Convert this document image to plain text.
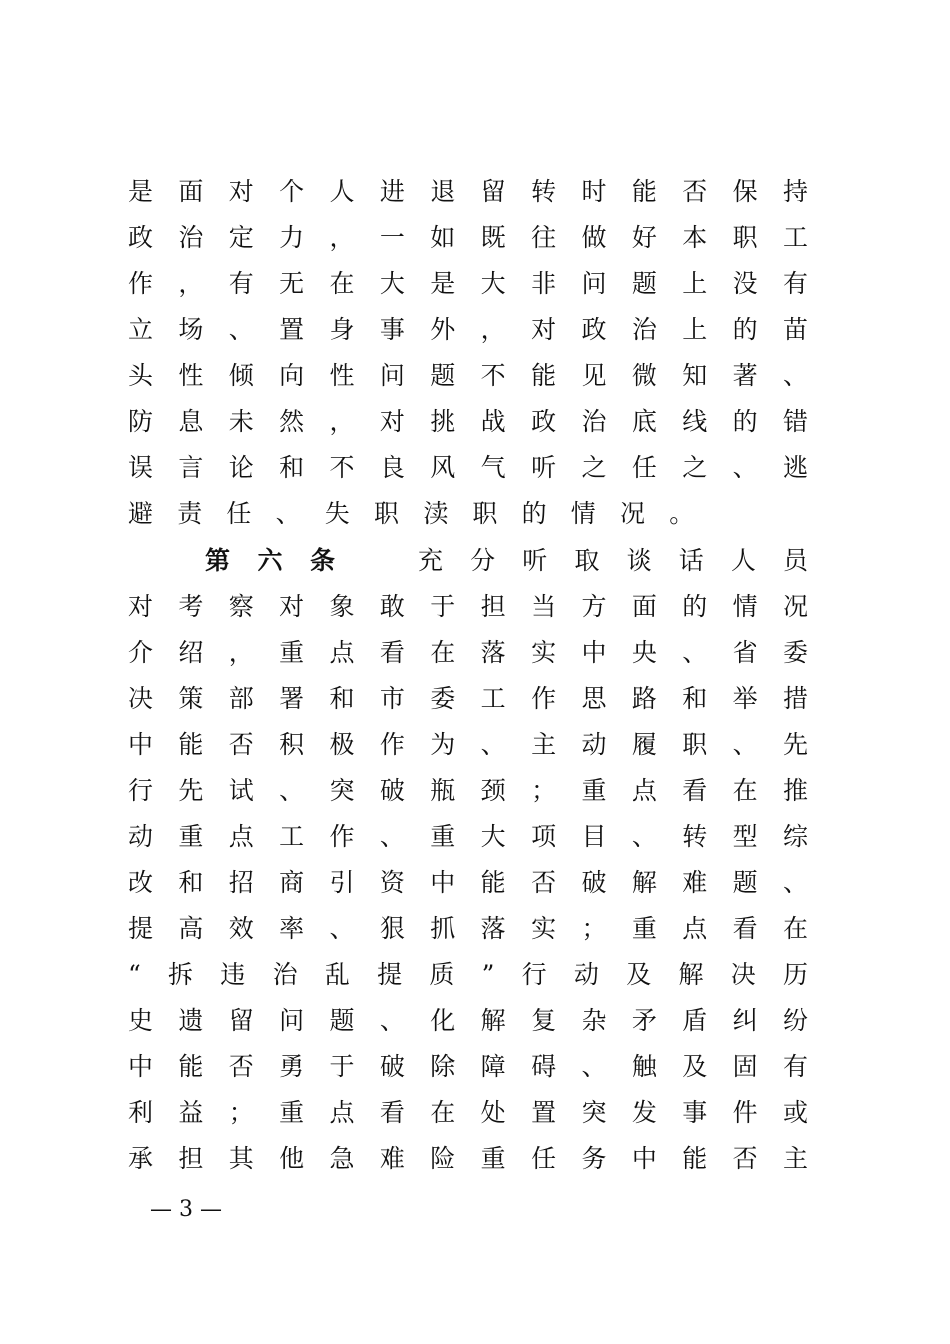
是面对个人进退留转时能否保持
政治定力，一如既往做好本职工
作，有无在大是大非问题上没有
立场、置身事外，对政治上的苗
头性倾向性问题不能见微知著、
防息未然，对挑战政治底线的错
误言论和不良风气听之任之、逃
避责任、失职渎职的情况。
第六条	充分听取谈话人员
对考察对象敢于担当方面的情况
介绍，重点看在落实中央、省委
决策部署和市委工作思路和举措
中能否积极作为、主动履职、先
行先试、突破瓶颈；重点看在推
动重点工作、重大项目、转型综
改和招商引资中能否破解难题、
提高效率、狠抓落实；重点看在
“拆违治乱提质”行动及解决历
史遗留问题、化解复杂矛盾纠纷
中能否勇于破除障碍、触及固有
利益；重点看在处置突发事件或
承担其他急难险重任务中能否主
— 3 —
